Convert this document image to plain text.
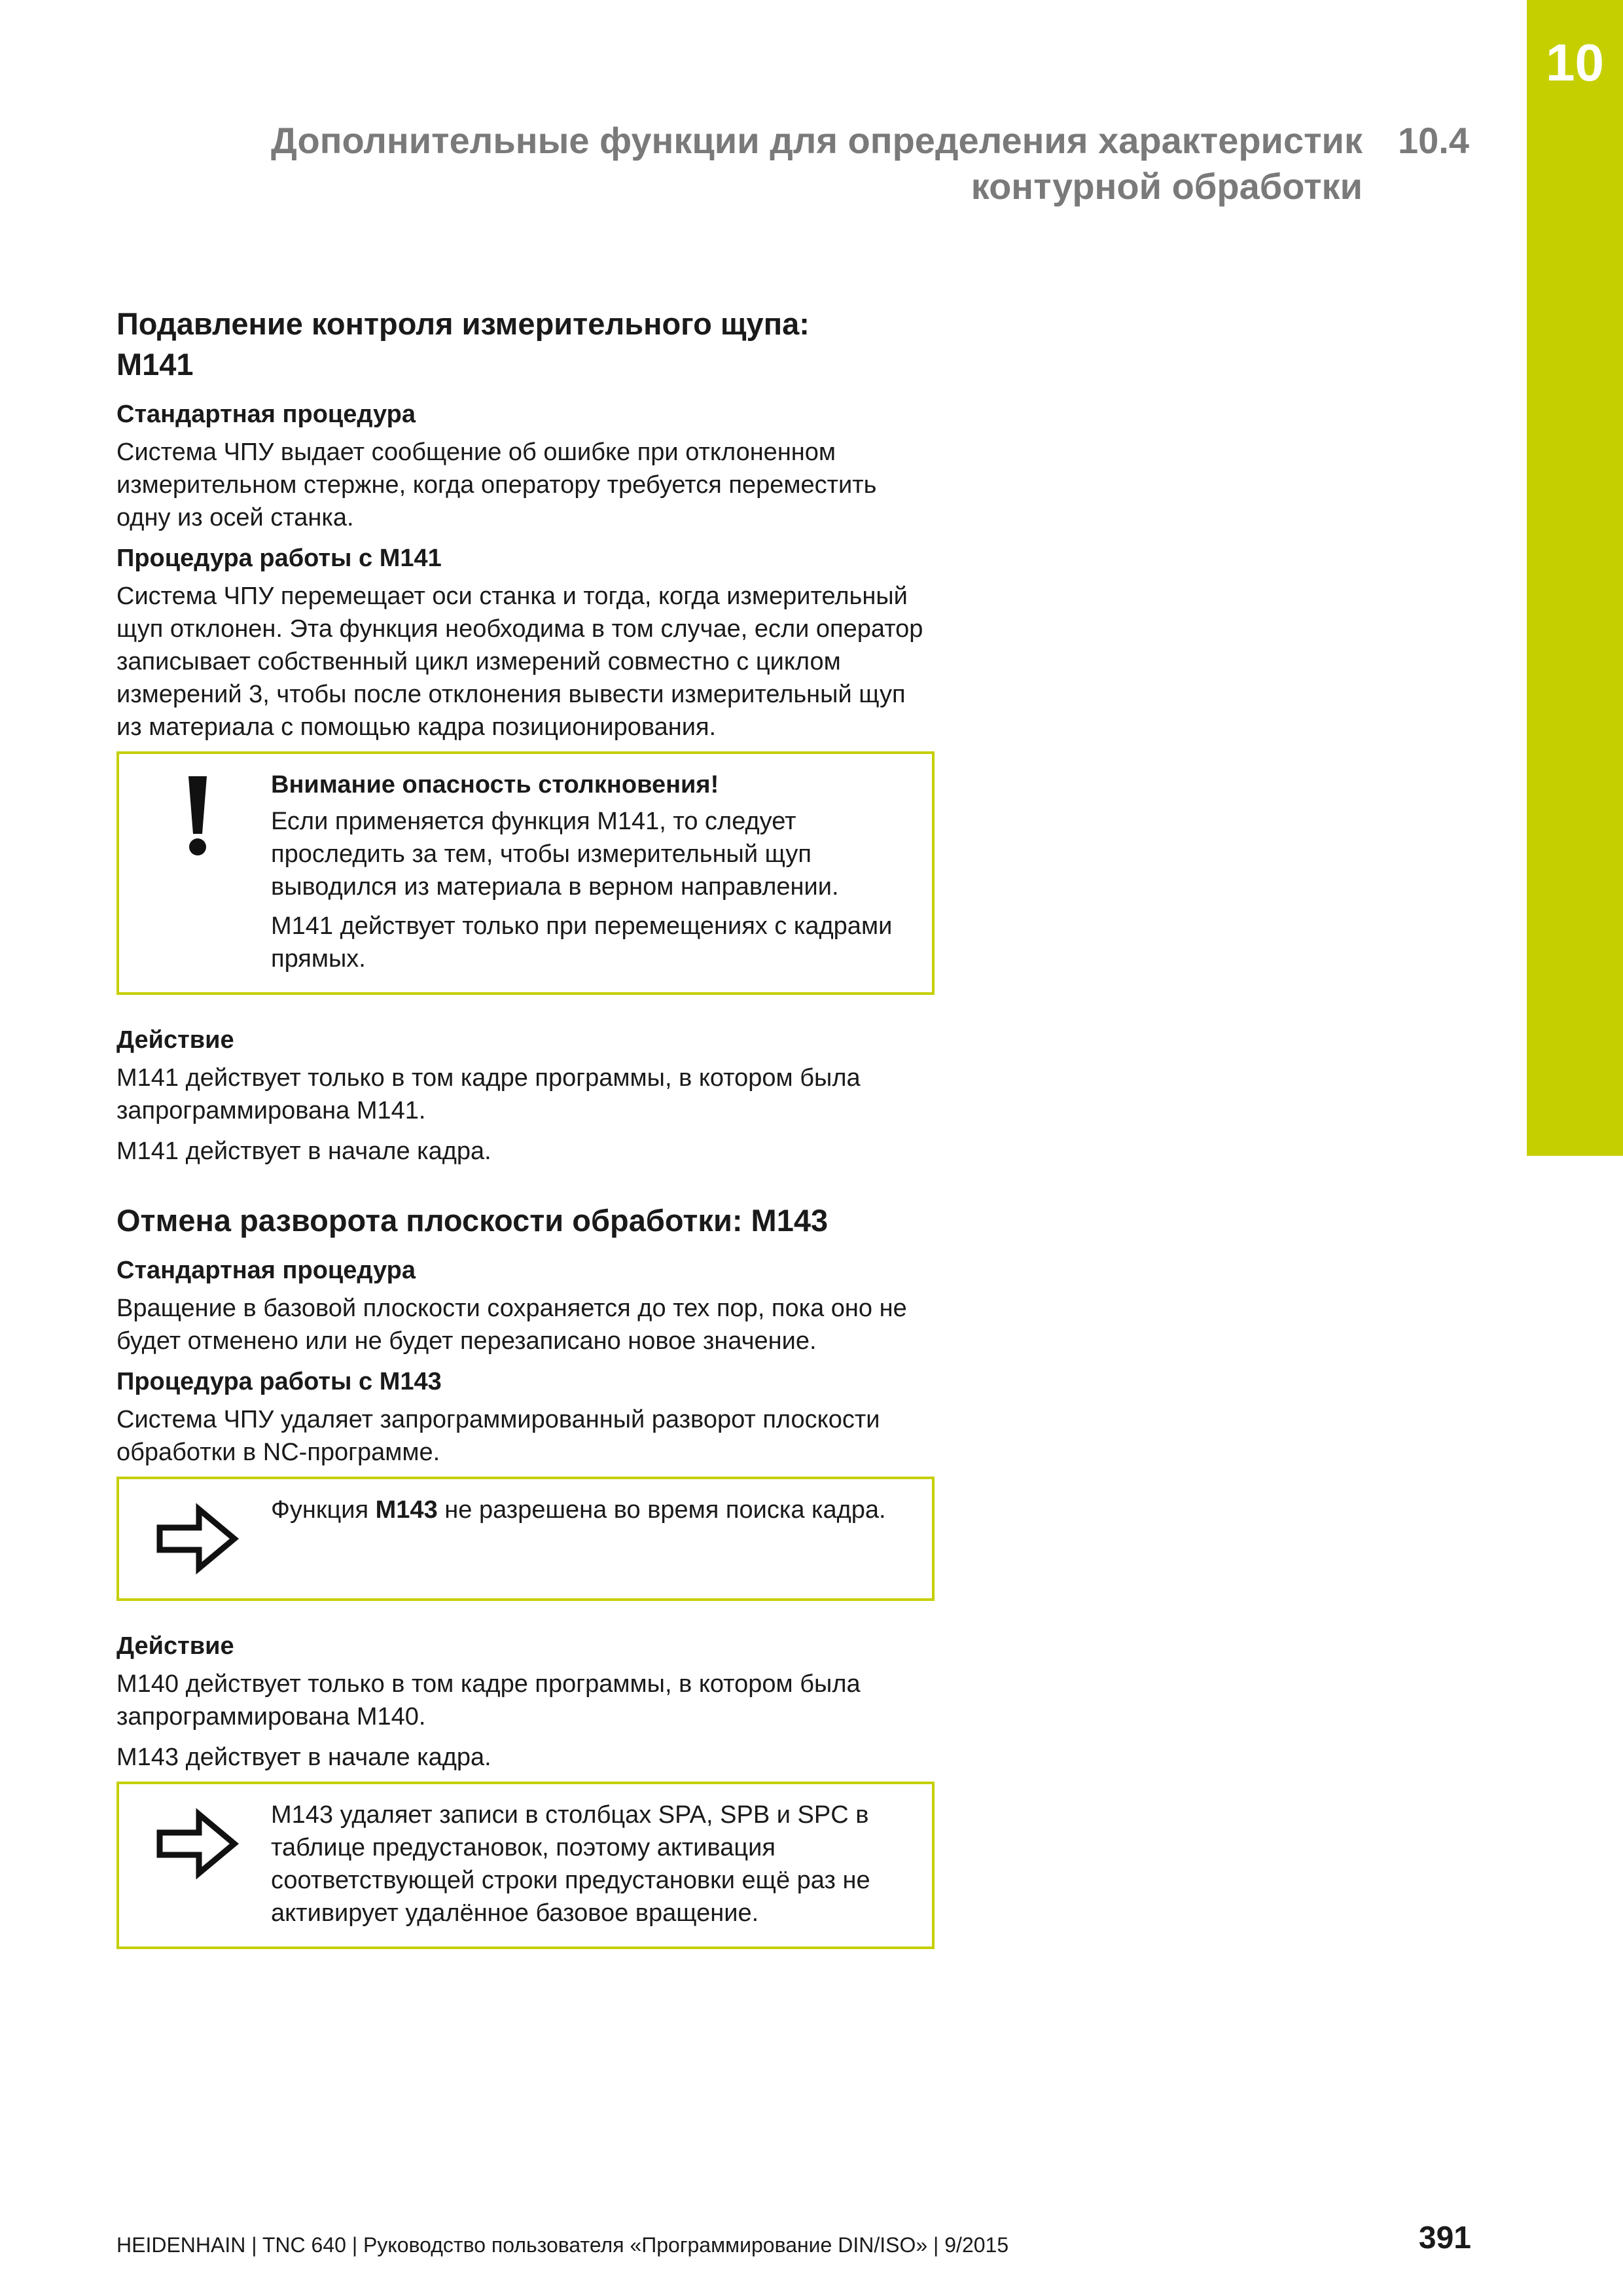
10
Дополнительные функции для определения характеристик
контурной обработки
10.4
Подавление контроля измерительного щупа:
M141
Стандартная процедура

Система ЧПУ выдает сообщение об ошибке при отклоненном измерительном стержне, когда оператору требуется переместить одну из осей станка.

Процедура работы с M141

Система ЧПУ перемещает оси станка и тогда, когда измерительный щуп отклонен. Эта функция необходима в том случае, если оператор записывает собственный цикл измерений совместно с циклом измерений 3, чтобы после отклонения вывести измерительный щуп из материала с помощью кадра позиционирования.

Внимание опасность столкновения!

Если применяется функция M141, то следует проследить за тем, чтобы измерительный щуп выводился из материала в верном направлении.

M141 действует только при перемещениях с кадрами прямых.

Действие

M141 действует только в том кадре программы, в котором была запрограммирована M141.

M141 действует в начале кадра.

Отмена разворота плоскости обработки: M143
Стандартная процедура

Вращение в базовой плоскости сохраняется до тех пор, пока оно не будет отменено или не будет перезаписано новое значение.

Процедура работы с M143

Система ЧПУ удаляет запрограммированный разворот плоскости обработки в NC-программе.

Функция M143 не разрешена во время поиска кадра.

Действие

M140 действует только в том кадре программы, в котором была запрограммирована M140.

M143 действует в начале кадра.

M143 удаляет записи в столбцах SPA, SPB и SPC в таблице предустановок, поэтому активация соответствующей строки предустановки ещё раз не активирует удалённое базовое вращение.

HEIDENHAIN | TNC 640 | Руководство пользователя «Программирование DIN/ISO» | 9/2015	391
